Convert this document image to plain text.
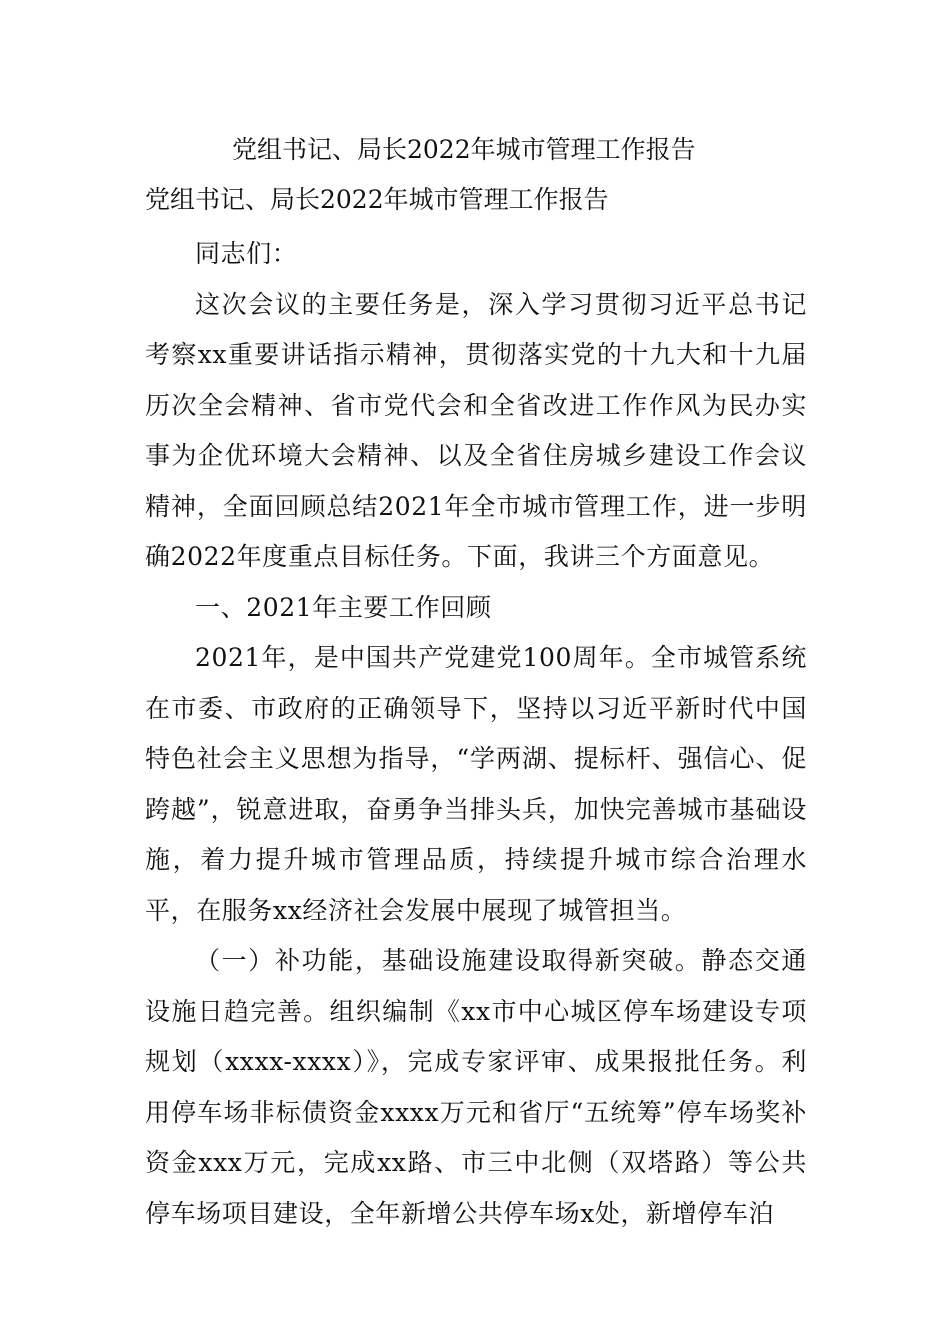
党组书记、局长2022年城市管理工作报告
党组书记、局长2022年城市管理工作报告

同志们：

这次会议的主要任务是，深入学习贯彻习近平总书记考察xx重要讲话指示精神，贯彻落实党的十九大和十九届历次全会精神、省市党代会和全省改进工作作风为民办实事为企优环境大会精神、以及全省住房城乡建设工作会议精神，全面回顾总结2021年全市城市管理工作，进一步明确2022年度重点目标任务。下面，我讲三个方面意见。

一、2021年主要工作回顾

2021年，是中国共产党建党100周年。全市城管系统在市委、市政府的正确领导下，坚持以习近平新时代中国特色社会主义思想为指导，“学两湖、提标杆、强信心、促跨越”，锐意进取，奋勇争当排头兵，加快完善城市基础设施，着力提升城市管理品质，持续提升城市综合治理水平，在服务xx经济社会发展中展现了城管担当。

（一）补功能，基础设施建设取得新突破。静态交通设施日趋完善。组织编制《xx市中心城区停车场建设专项规划（xxxx-xxxx）》，完成专家评审、成果报批任务。利用停车场非标债资金xxxx万元和省厅“五统筹”停车场奖补资金xxx万元，完成xx路、市三中北侧（双塔路）等公共停车场项目建设，全年新增公共停车场x处，新增停车泊
